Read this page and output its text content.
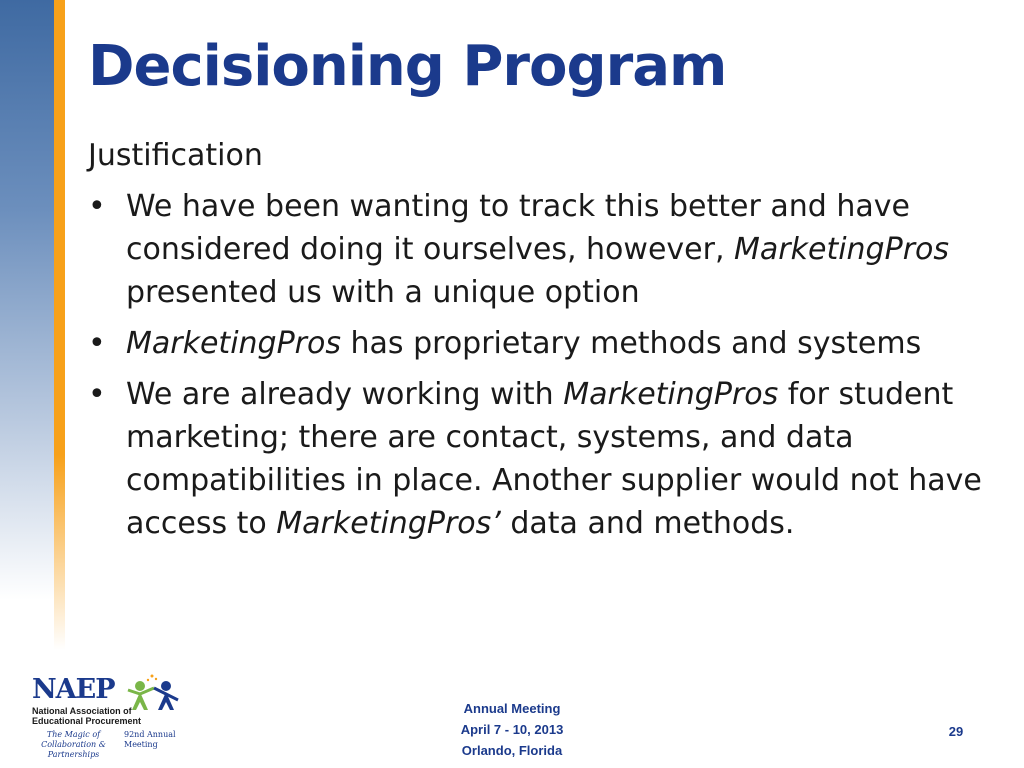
Decisioning Program
Justification
• We have been wanting to track this better and have considered doing it ourselves, however, MarketingPros presented us with a unique option
• MarketingPros has proprietary methods and systems
• We are already working with MarketingPros for student marketing; there are contact, systems, and data compatibilities in place. Another supplier would not have access to MarketingPros’ data and methods.
NAEP
National Association of Educational Procurement
The Magic of Collaboration & Partnerships
92nd Annual Meeting
Annual Meeting
April 7 - 10, 2013
Orlando, Florida
29
